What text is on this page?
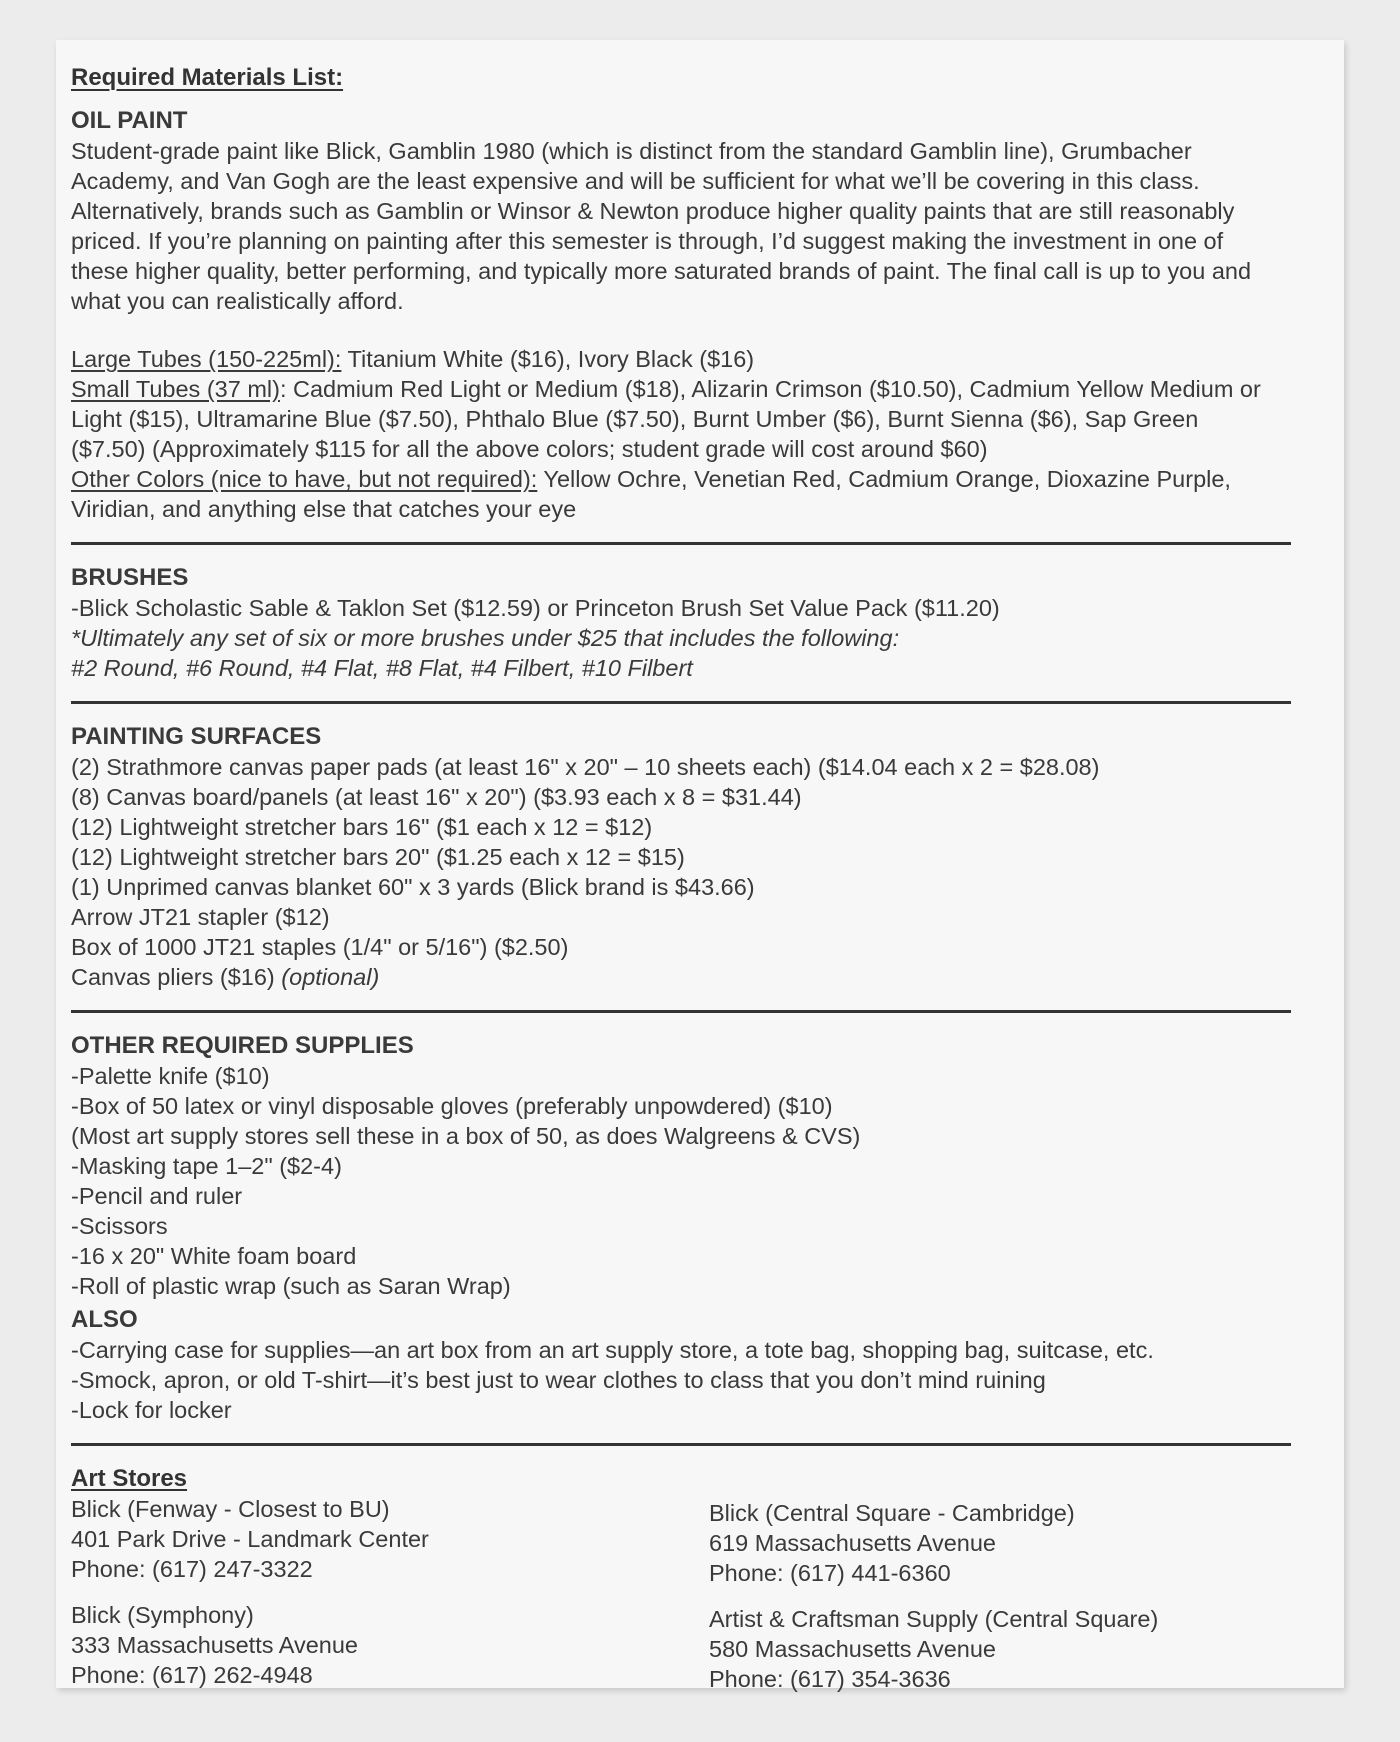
Required Materials List:
OIL PAINT

Student-grade paint like Blick, Gamblin 1980 (which is distinct from the standard Gamblin line), Grumbacher Academy, and Van Gogh are the least expensive and will be sufficient for what we’ll be covering in this class. Alternatively, brands such as Gamblin or Winsor & Newton produce higher quality paints that are still reasonably priced. If you’re planning on painting after this semester is through, I’d suggest making the investment in one of these higher quality, better performing, and typically more saturated brands of paint. The final call is up to you and what you can realistically afford.

Large Tubes (150-225ml): Titanium White ($16), Ivory Black ($16)

Small Tubes (37 ml): Cadmium Red Light or Medium ($18), Alizarin Crimson ($10.50), Cadmium Yellow Medium or Light ($15), Ultramarine Blue ($7.50), Phthalo Blue ($7.50), Burnt Umber ($6), Burnt Sienna ($6), Sap Green ($7.50) (Approximately $115 for all the above colors; student grade will cost around $60)

Other Colors (nice to have, but not required): Yellow Ochre, Venetian Red, Cadmium Orange, Dioxazine Purple, Viridian, and anything else that catches your eye

BRUSHES

-Blick Scholastic Sable & Taklon Set ($12.59) or Princeton Brush Set Value Pack ($11.20)

*Ultimately any set of six or more brushes under $25 that includes the following:

#2 Round, #6 Round, #4 Flat, #8 Flat, #4 Filbert, #10 Filbert

PAINTING SURFACES

(2) Strathmore canvas paper pads (at least 16" x 20" – 10 sheets each) ($14.04 each x 2 = $28.08)

(8) Canvas board/panels (at least 16" x 20") ($3.93 each x 8 = $31.44)

(12) Lightweight stretcher bars 16" ($1 each x 12 = $12)

(12) Lightweight stretcher bars 20" ($1.25 each x 12 = $15)

(1) Unprimed canvas blanket 60" x 3 yards (Blick brand is $43.66)

Arrow JT21 stapler ($12)

Box of 1000 JT21 staples (1/4" or 5/16") ($2.50)

Canvas pliers ($16) (optional)

OTHER REQUIRED SUPPLIES

-Palette knife ($10)

-Box of 50 latex or vinyl disposable gloves (preferably unpowdered) ($10)

(Most art supply stores sell these in a box of 50, as does Walgreens & CVS)

-Masking tape 1–2" ($2-4)

-Pencil and ruler

-Scissors

-16 x 20" White foam board

-Roll of plastic wrap (such as Saran Wrap)

ALSO

-Carrying case for supplies—an art box from an art supply store, a tote bag, shopping bag, suitcase, etc.

-Smock, apron, or old T-shirt—it’s best just to wear clothes to class that you don’t mind ruining

-Lock for locker

Art Stores
Blick (Fenway - Closest to BU)
401 Park Drive - Landmark Center
Phone: (617) 247-3322
Blick (Symphony)
333 Massachusetts Avenue
Phone: (617) 262-4948
Blick (Central Square - Cambridge)
619 Massachusetts Avenue
Phone: (617) 441-6360
Artist & Craftsman Supply (Central Square)
580 Massachusetts Avenue
Phone: (617) 354-3636
